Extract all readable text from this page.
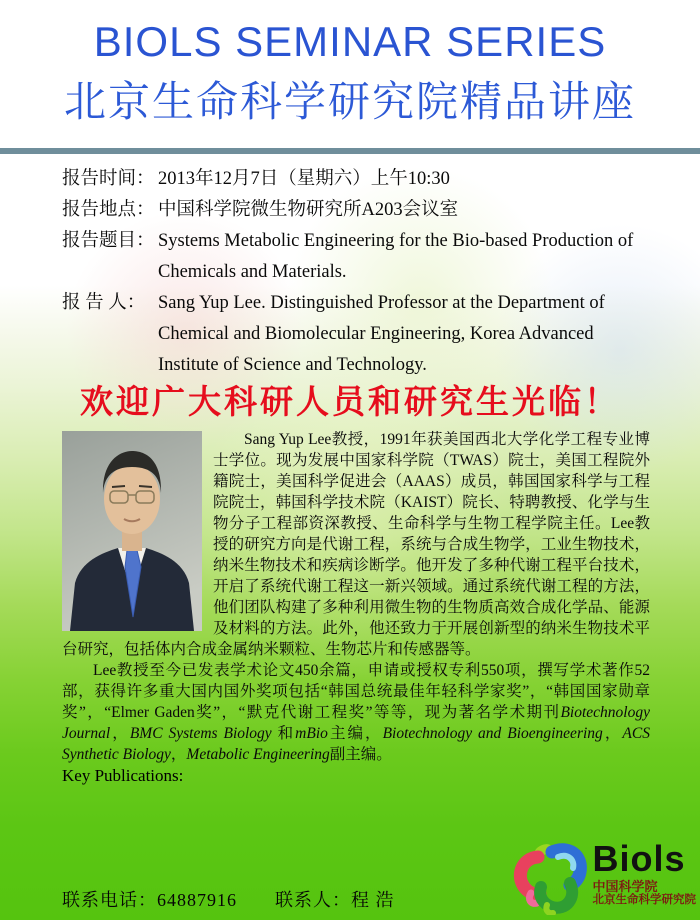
BIOLS SEMINAR SERIES
北京生命科学研究院精品讲座
报告时间： 2013年12月7日（星期六）上午10:30
报告地点： 中国科学院微生物研究所A203会议室
报告题目： Systems Metabolic Engineering for the Bio-based Production of Chemicals and Materials.
报 告 人： Sang Yup Lee. Distinguished Professor at the Department of Chemical and Biomolecular Engineering, Korea Advanced Institute of Science and Technology.
欢迎广大科研人员和研究生光临！

Sang Yup Lee教授，1991年获美国西北大学化学工程专业博士学位。现为发展中国家科学院（TWAS）院士，美国工程院外籍院士，美国科学促进会（AAAS）成员，韩国国家科学与工程院院士，韩国科学技术院（KAIST）院长、特聘教授、化学与生物分子工程部资深教授、生命科学与生物工程学院主任。Lee教授的研究方向是代谢工程，系统与合成生物学，工业生物技术，纳米生物技术和疾病诊断学。他开发了多种代谢工程平台技术，开启了系统代谢工程这一新兴领域。通过系统代谢工程的方法，他们团队构建了多种利用微生物的生物质高效合成化学品、能源及材料的方法。此外，他还致力于开展创新型的纳米生物技术平台研究，包括体内合成金属纳米颗粒、生物芯片和传感器等。

Lee教授至今已发表学术论文450余篇，申请或授权专利550项，撰写学术著作52部，获得许多重大国内国外奖项包括“韩国总统最佳年轻科学家奖”，“韩国国家勋章奖”，“Elmer Gaden奖”，“默克代谢工程奖”等等，现为著名学术期刊Biotechnology Journal，BMC Systems Biology 和mBio主编，Biotechnology and Bioengineering，ACS Synthetic Biology，Metabolic Engineering副主编。

Key Publications:
联系电话：64887916 联系人：程 浩
Biols
中国科学院
北京生命科学研究院
